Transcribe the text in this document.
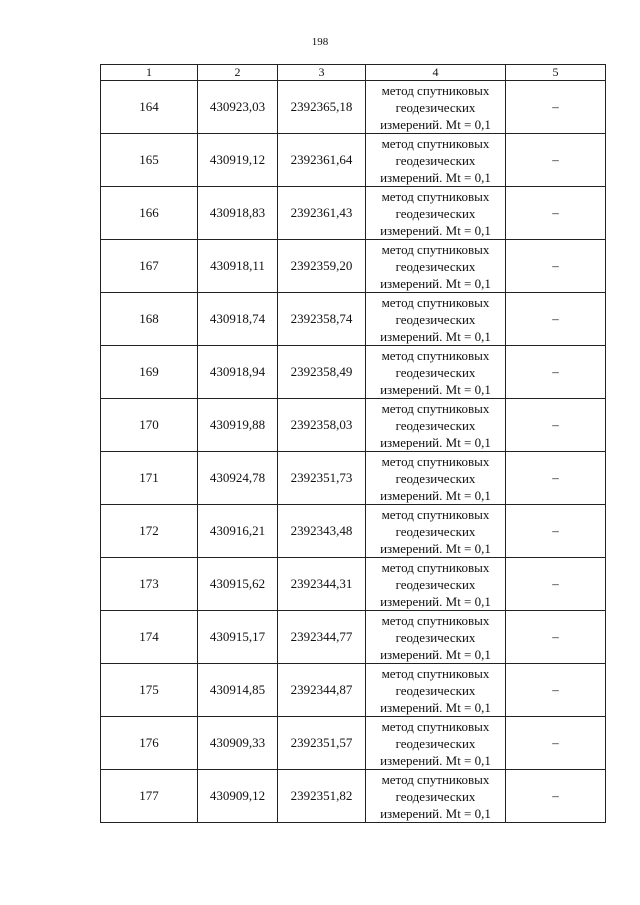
198
1	2	3	4	5
164	430923,03	2392365,18	метод спутниковых
геодезических
измерений. Mt = 0,1	–
165	430919,12	2392361,64	метод спутниковых
геодезических
измерений. Mt = 0,1	–
166	430918,83	2392361,43	метод спутниковых
геодезических
измерений. Mt = 0,1	–
167	430918,11	2392359,20	метод спутниковых
геодезических
измерений. Mt = 0,1	–
168	430918,74	2392358,74	метод спутниковых
геодезических
измерений. Mt = 0,1	–
169	430918,94	2392358,49	метод спутниковых
геодезических
измерений. Mt = 0,1	–
170	430919,88	2392358,03	метод спутниковых
геодезических
измерений. Mt = 0,1	–
171	430924,78	2392351,73	метод спутниковых
геодезических
измерений. Mt = 0,1	–
172	430916,21	2392343,48	метод спутниковых
геодезических
измерений. Mt = 0,1	–
173	430915,62	2392344,31	метод спутниковых
геодезических
измерений. Mt = 0,1	–
174	430915,17	2392344,77	метод спутниковых
геодезических
измерений. Mt = 0,1	–
175	430914,85	2392344,87	метод спутниковых
геодезических
измерений. Mt = 0,1	–
176	430909,33	2392351,57	метод спутниковых
геодезических
измерений. Mt = 0,1	–
177	430909,12	2392351,82	метод спутниковых
геодезических
измерений. Mt = 0,1	–
